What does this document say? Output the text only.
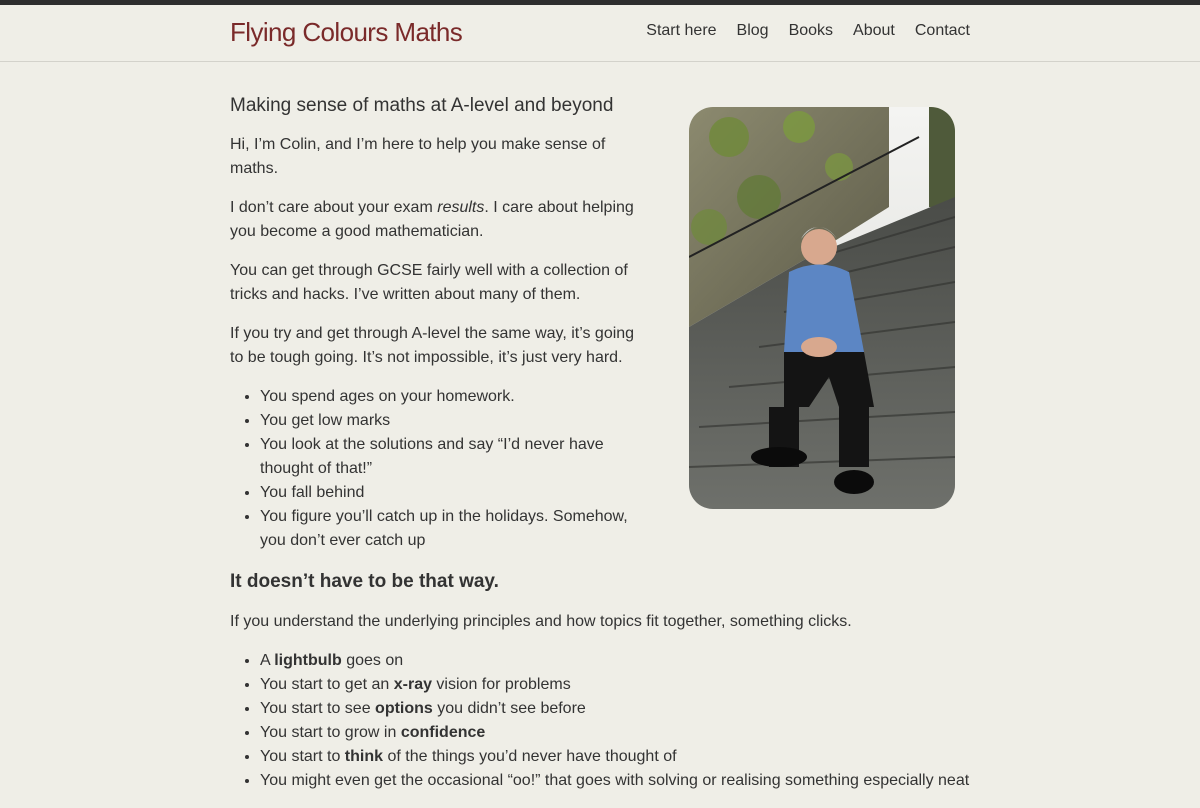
Flying Colours Maths	Start here Blog Books About Contact
Making sense of maths at A-level and beyond

Hi, I’m Colin, and I’m here to help you make sense of maths.

I don’t care about your exam results. I care about helping you become a good mathematician.

You can get through GCSE fairly well with a collection of tricks and hacks. I’ve written about many of them.

If you try and get through A-level the same way, it’s going to be tough going. It’s not impossible, it’s just very hard.

• You spend ages on your homework.
• You get low marks
• You look at the solutions and say “I’d never have thought of that!”
• You fall behind
• You figure you’ll catch up in the holidays. Somehow, you don’t ever catch up
It doesn’t have to be that way.

If you understand the underlying principles and how topics fit together, something clicks.

• A lightbulb goes on
• You start to get an x-ray vision for problems
• You start to see options you didn’t see before
• You start to grow in confidence
• You start to think of the things you’d never have thought of
• You might even get the occasional “oo!” that goes with solving or realising something especially neat
